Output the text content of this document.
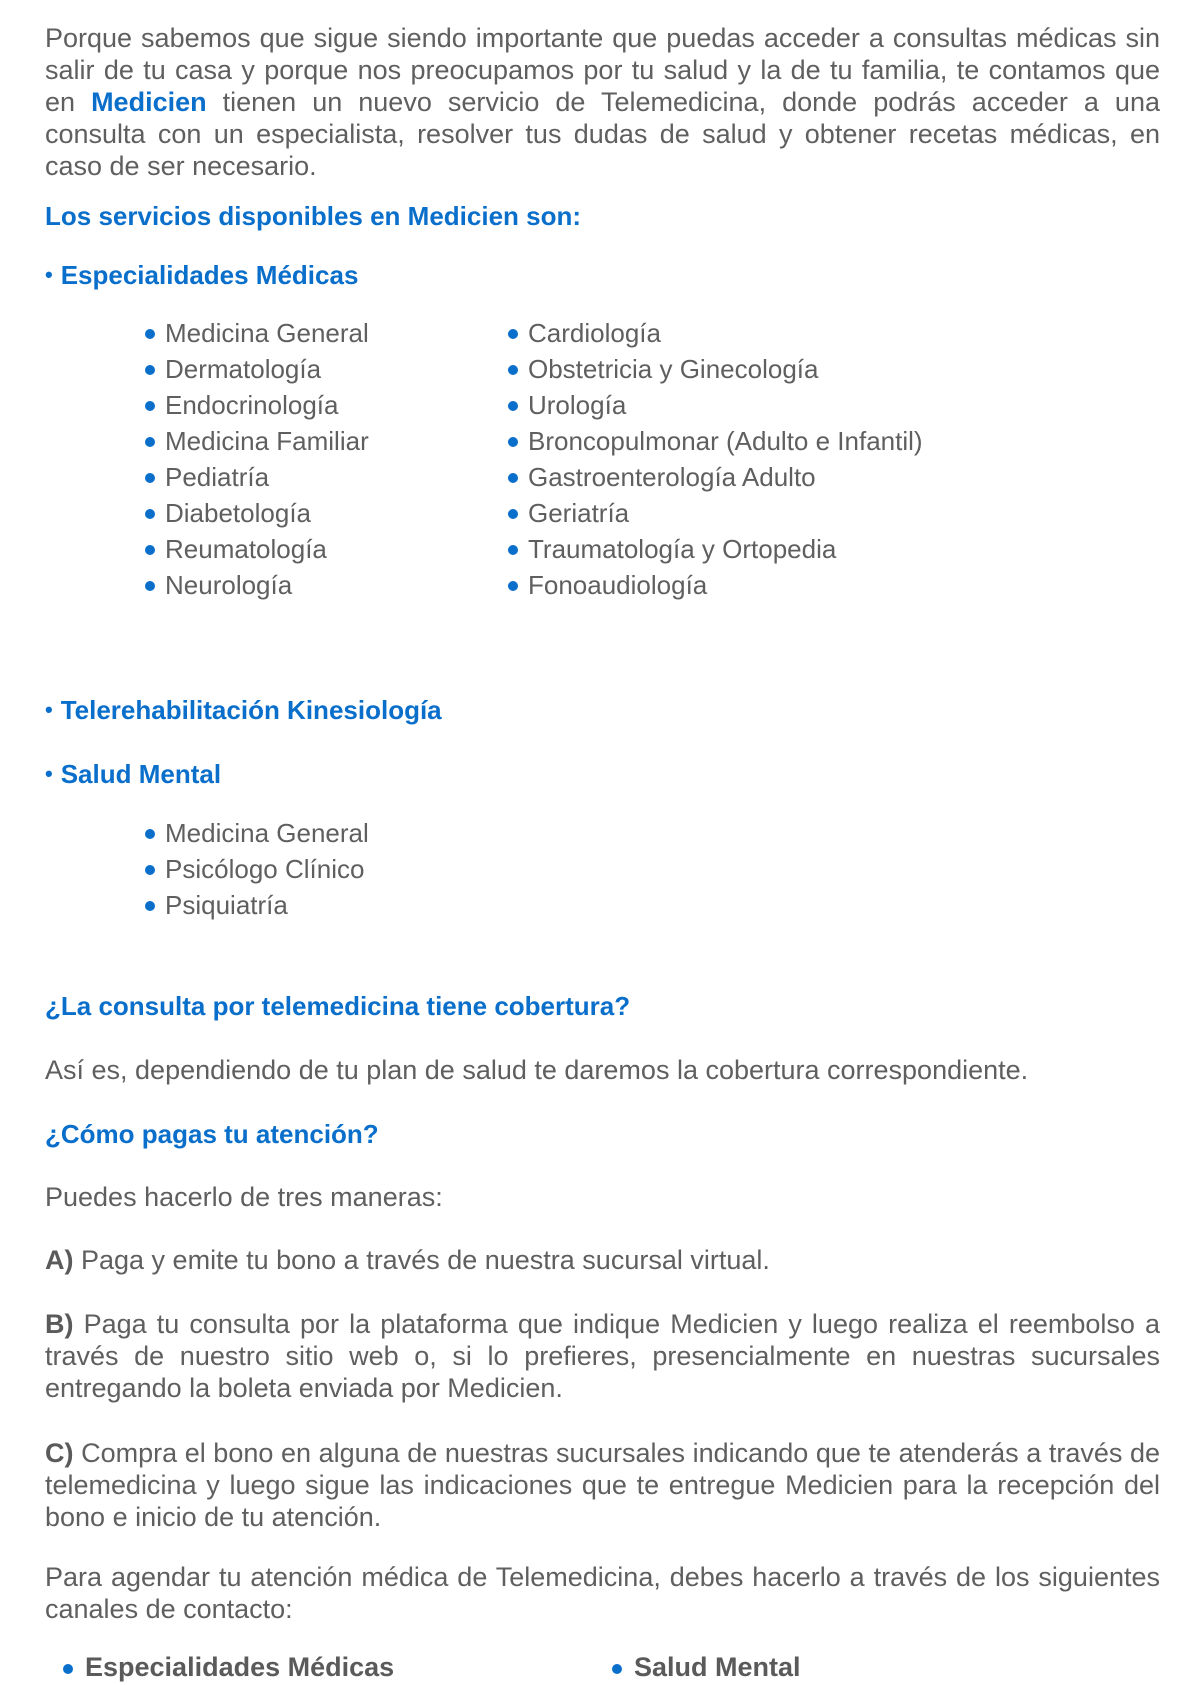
Porque sabemos que sigue siendo importante que puedas acceder a consultas médicas sin salir de tu casa y porque nos preocupamos por tu salud y la de tu familia, te contamos que en Medicien tienen un nuevo servicio de Telemedicina, donde podrás acceder a una consulta con un especialista, resolver tus dudas de salud y obtener recetas médicas, en caso de ser necesario.

Los servicios disponibles en Medicien son:
• Especialidades Médicas
Medicina General
Dermatología
Endocrinología
Medicina Familiar
Pediatría
Diabetología
Reumatología
Neurología
Cardiología
Obstetricia y Ginecología
Urología
Broncopulmonar (Adulto e Infantil)
Gastroenterología Adulto
Geriatría
Traumatología y Ortopedia
Fonoaudiología
• Telerehabilitación Kinesiología
• Salud Mental
Medicina General
Psicólogo Clínico
Psiquiatría
¿La consulta por telemedicina tiene cobertura?

Así es, dependiendo de tu plan de salud te daremos la cobertura correspondiente.

¿Cómo pagas tu atención?

Puedes hacerlo de tres maneras:

A) Paga y emite tu bono a través de nuestra sucursal virtual.

B) Paga tu consulta por la plataforma que indique Medicien y luego realiza el reembolso a través de nuestro sitio web o, si lo prefieres, presencialmente en nuestras sucursales entregando la boleta enviada por Medicien.

C) Compra el bono en alguna de nuestras sucursales indicando que te atenderás a través de telemedicina y luego sigue las indicaciones que te entregue Medicien para la recepción del bono e inicio de tu atención.

Para agendar tu atención médica de Telemedicina, debes hacerlo a través de los siguientes canales de contacto:

Especialidades Médicas	Salud Mental
